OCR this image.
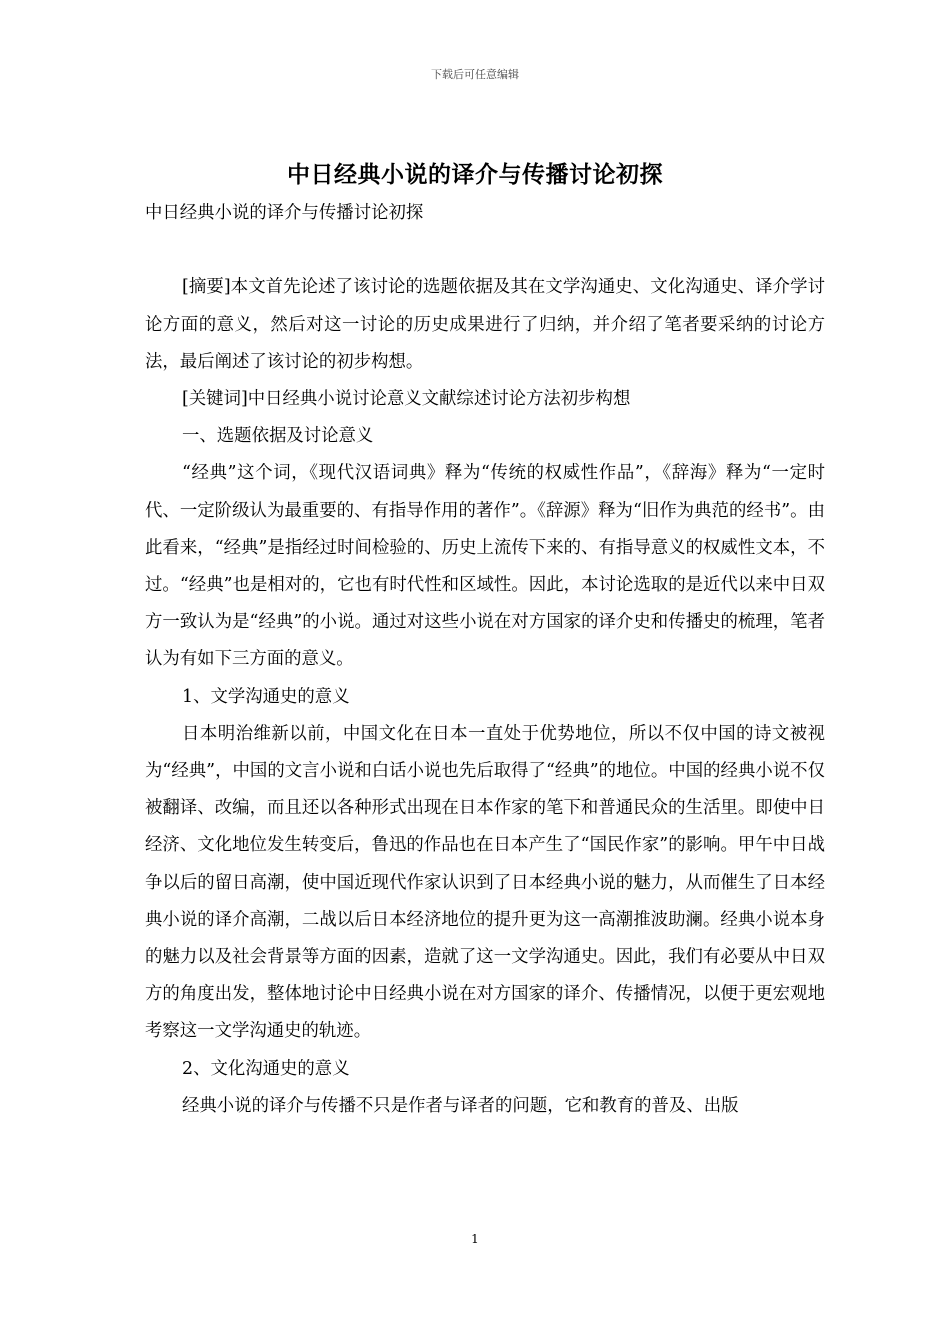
下载后可任意编辑
中日经典小说的译介与传播讨论初探

中日经典小说的译介与传播讨论初探

[摘要]本文首先论述了该讨论的选题依据及其在文学沟通史、文化沟通史、译介学讨论方面的意义，然后对这一讨论的历史成果进行了归纳，并介绍了笔者要采纳的讨论方法，最后阐述了该讨论的初步构想。

[关键词]中日经典小说讨论意义文献综述讨论方法初步构想

一、选题依据及讨论意义

“经典”这个词，《现代汉语词典》释为“传统的权威性作品”，《辞海》释为“一定时代、一定阶级认为最重要的、有指导作用的著作”。《辞源》释为“旧作为典范的经书”。由此看来，“经典”是指经过时间检验的、历史上流传下来的、有指导意义的权威性文本，不过。“经典”也是相对的，它也有时代性和区域性。因此，本讨论选取的是近代以来中日双方一致认为是“经典”的小说。通过对这些小说在对方国家的译介史和传播史的梳理，笔者认为有如下三方面的意义。

1、文学沟通史的意义

日本明治维新以前，中国文化在日本一直处于优势地位，所以不仅中国的诗文被视为“经典”，中国的文言小说和白话小说也先后取得了“经典”的地位。中国的经典小说不仅被翻译、改编，而且还以各种形式出现在日本作家的笔下和普通民众的生活里。即使中日经济、文化地位发生转变后，鲁迅的作品也在日本产生了“国民作家”的影响。甲午中日战争以后的留日高潮，使中国近现代作家认识到了日本经典小说的魅力，从而催生了日本经典小说的译介高潮，二战以后日本经济地位的提升更为这一高潮推波助澜。经典小说本身的魅力以及社会背景等方面的因素，造就了这一文学沟通史。因此，我们有必要从中日双方的角度出发，整体地讨论中日经典小说在对方国家的译介、传播情况，以便于更宏观地考察这一文学沟通史的轨迹。

2、文化沟通史的意义

经典小说的译介与传播不只是作者与译者的问题，它和教育的普及、出版

1
